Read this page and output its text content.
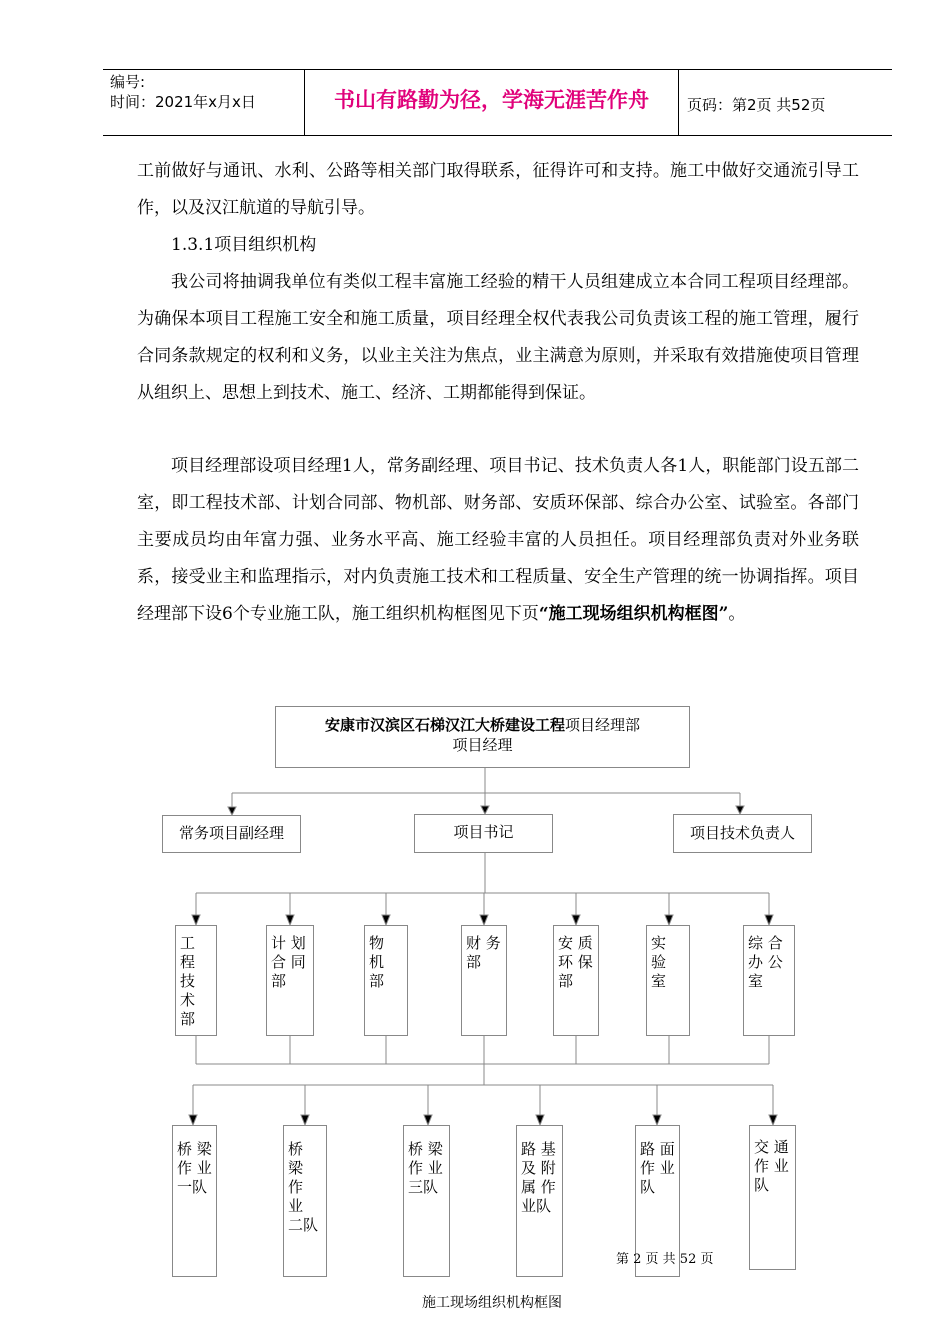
编号:
时间：2021年x月x日	书山有路勤为径，学海无涯苦作舟	页码：第2页 共52页

工前做好与通讯、水利、公路等相关部门取得联系，征得许可和支持。施工中做好交通流引导工作，以及汉江航道的导航引导。

1.3.1项目组织机构

我公司将抽调我单位有类似工程丰富施工经验的精干人员组建成立本合同工程项目经理部。为确保本项目工程施工安全和施工质量，项目经理全权代表我公司负责该工程的施工管理，履行合同条款规定的权利和义务，以业主关注为焦点，业主满意为原则，并采取有效措施使项目管理从组织上、思想上到技术、施工、经济、工期都能得到保证。

项目经理部设项目经理1人，常务副经理、项目书记、技术负责人各1人，职能部门设五部二室，即工程技术部、计划合同部、物机部、财务部、安质环保部、综合办公室、试验室。各部门主要成员均由年富力强、业务水平高、施工经验丰富的人员担任。项目经理部负责对外业务联系，接受业主和监理指示，对内负责施工技术和工程质量、安全生产管理的统一协调指挥。项目经理部下设6个专业施工队，施工组织机构框图见下页“施工现场组织机构框图”。

安康市汉滨区石梯汉江大桥建设工程项目经理部
项目经理
常务项目副经理	项目书记	项目技术负责人
工 程
技 术
部
计 划
合 同
部
物 机
部
财 务
部
安 质
环 保
部
实 验
室
综 合
办 公
室
桥 梁
作 业
一队
桥 梁
作 业
二队
桥 梁
作 业
三队
路 基
及 附
属 作
业队
路 面
作 业
队
交 通
作 业
队
第 2 页 共 52 页
施工现场组织机构框图
